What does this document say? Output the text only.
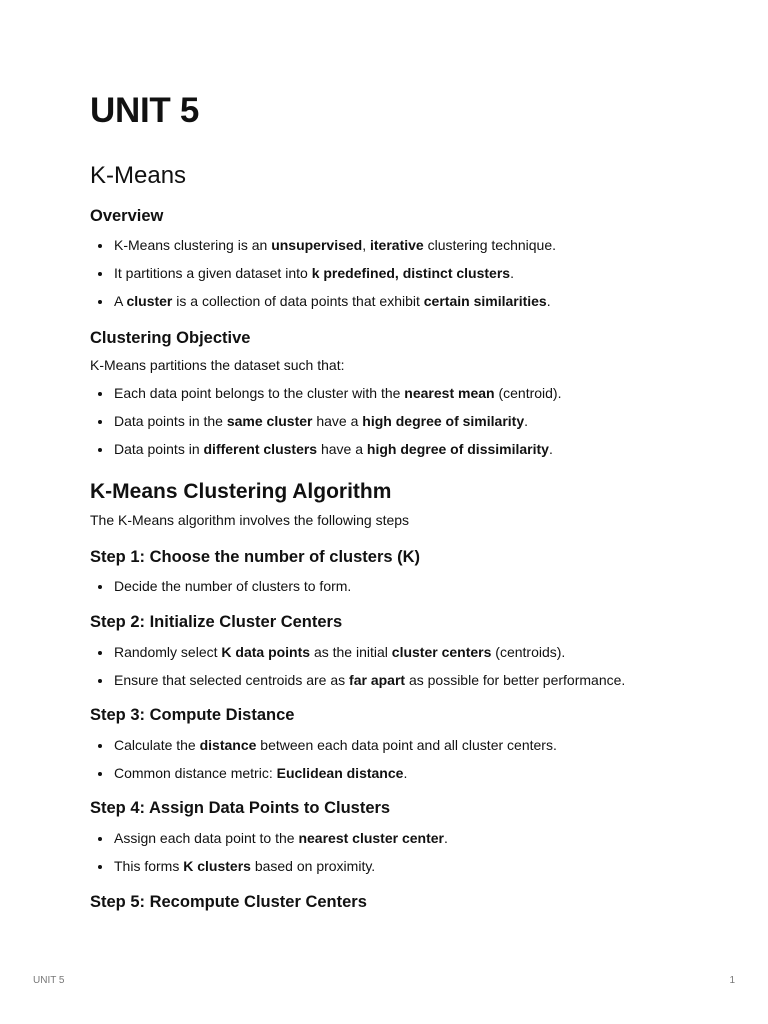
UNIT 5
K-Means
Overview
K-Means clustering is an unsupervised, iterative clustering technique.
It partitions a given dataset into k predefined, distinct clusters.
A cluster is a collection of data points that exhibit certain similarities.
Clustering Objective

K-Means partitions the dataset such that:

Each data point belongs to the cluster with the nearest mean (centroid).
Data points in the same cluster have a high degree of similarity.
Data points in different clusters have a high degree of dissimilarity.
K-Means Clustering Algorithm

The K-Means algorithm involves the following steps

Step 1: Choose the number of clusters (K)
Decide the number of clusters to form.
Step 2: Initialize Cluster Centers
Randomly select K data points as the initial cluster centers (centroids).
Ensure that selected centroids are as far apart as possible for better performance.
Step 3: Compute Distance
Calculate the distance between each data point and all cluster centers.
Common distance metric: Euclidean distance.
Step 4: Assign Data Points to Clusters
Assign each data point to the nearest cluster center.
This forms K clusters based on proximity.
Step 5: Recompute Cluster Centers
UNIT 5	1
